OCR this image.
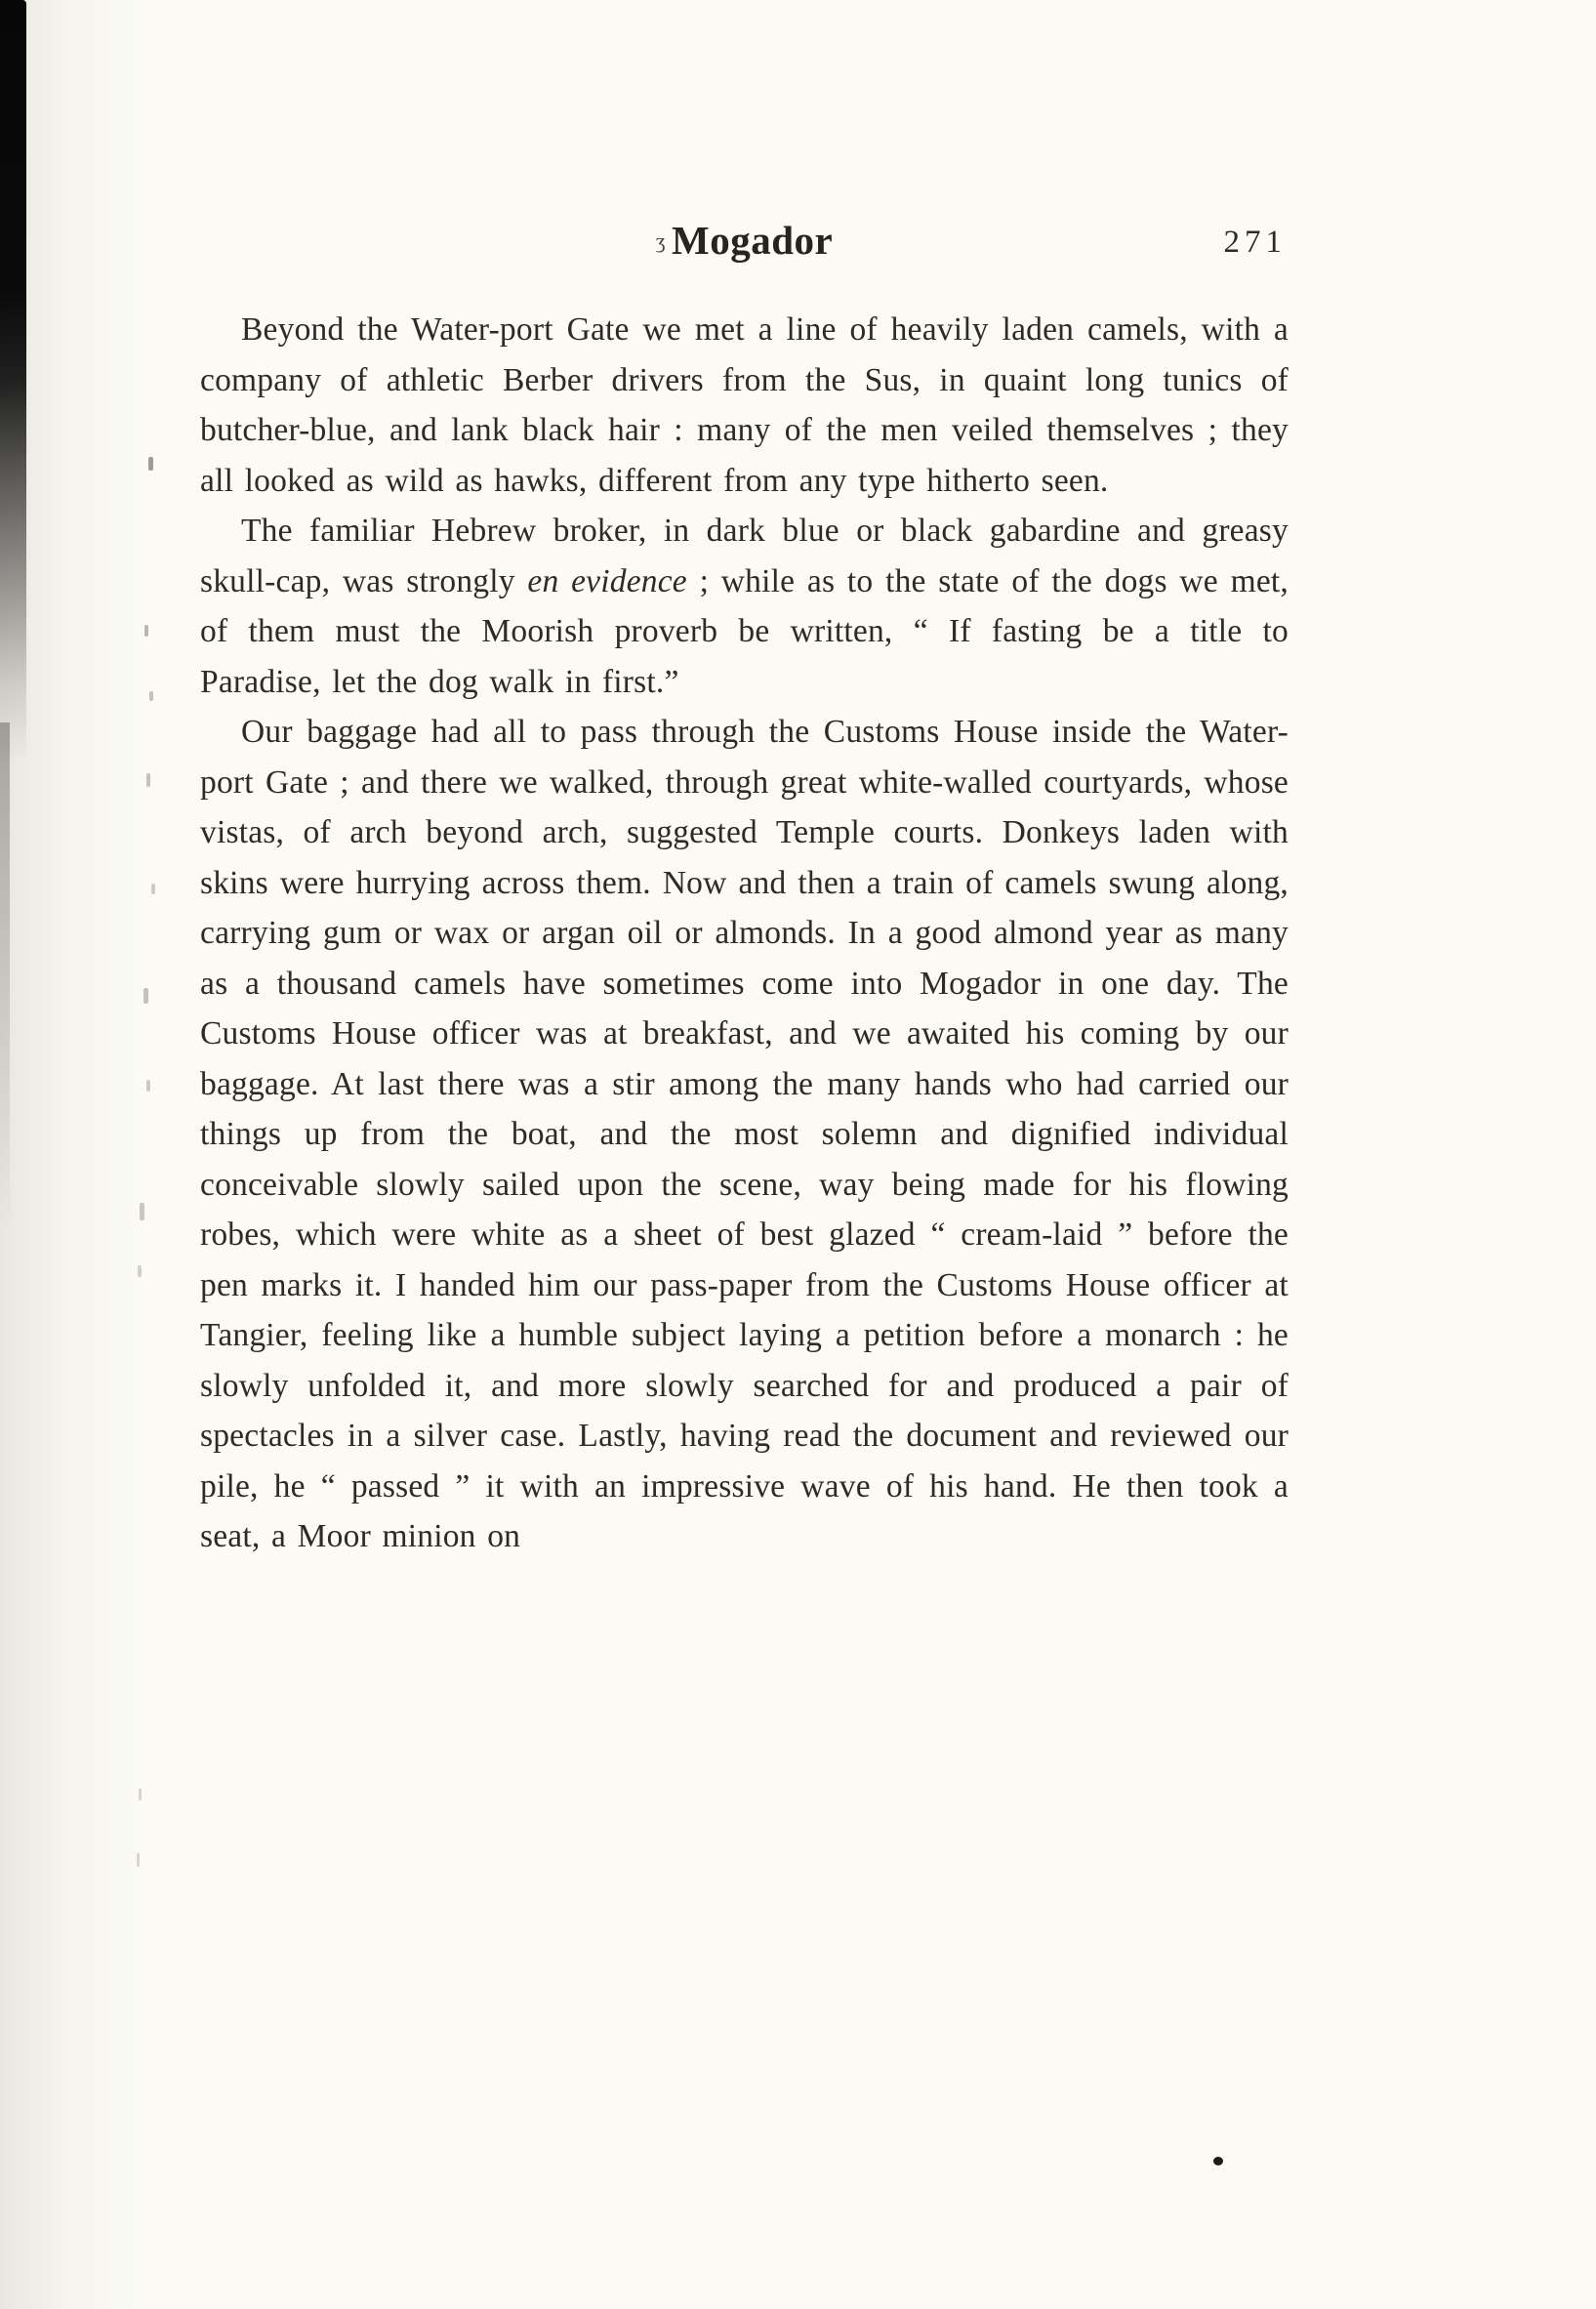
ʒ Mogador	271

Beyond the Water-port Gate we met a line of heavily laden camels, with a company of athletic Berber drivers from the Sus, in quaint long tunics of butcher-blue, and lank black hair : many of the men veiled themselves ; they all looked as wild as hawks, different from any type hitherto seen.

The familiar Hebrew broker, in dark blue or black gabardine and greasy skull-cap, was strongly en evidence ; while as to the state of the dogs we met, of them must the Moorish proverb be written, “ If fasting be a title to Paradise, let the dog walk in first.”

Our baggage had all to pass through the Customs House inside the Water-port Gate ; and there we walked, through great white-walled courtyards, whose vistas, of arch beyond arch, suggested Temple courts. Donkeys laden with skins were hurrying across them. Now and then a train of camels swung along, carrying gum or wax or argan oil or almonds. In a good almond year as many as a thousand camels have sometimes come into Mogador in one day. The Customs House officer was at breakfast, and we awaited his coming by our baggage. At last there was a stir among the many hands who had carried our things up from the boat, and the most solemn and dignified individual conceivable slowly sailed upon the scene, way being made for his flowing robes, which were white as a sheet of best glazed “ cream-laid ” before the pen marks it. I handed him our pass-paper from the Customs House officer at Tangier, feeling like a humble subject laying a petition before a monarch : he slowly unfolded it, and more slowly searched for and produced a pair of spectacles in a silver case. Lastly, having read the document and reviewed our pile, he “ passed ” it with an impressive wave of his hand. He then took a seat, a Moor minion on
